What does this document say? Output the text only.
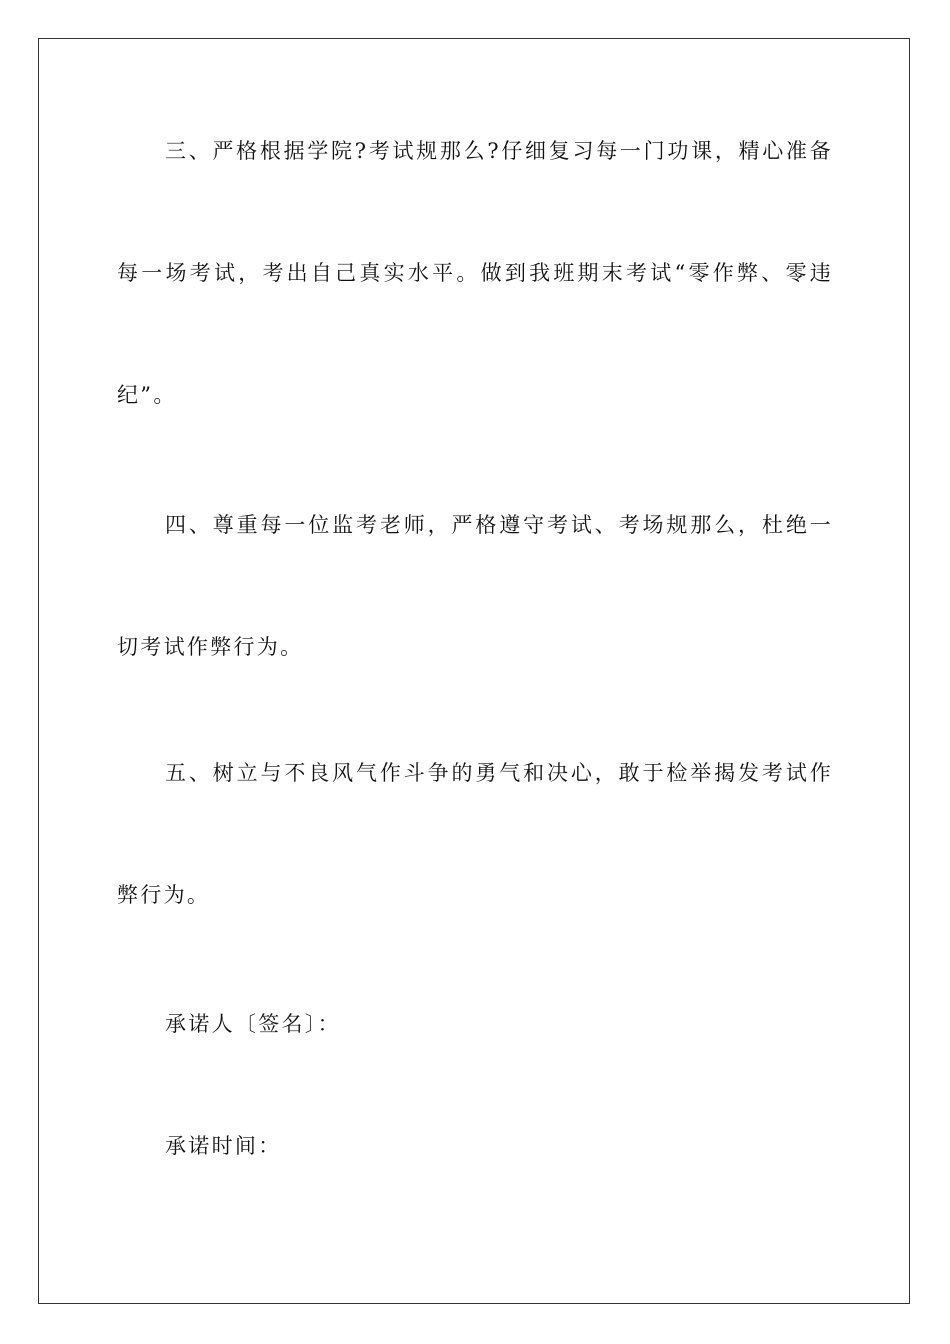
三、严格根据学院?考试规那么?仔细复习每一门功课，精心准备
每一场考试，考出自己真实水平。做到我班期末考试“零作弊、零违
纪”。
四、尊重每一位监考老师，严格遵守考试、考场规那么，杜绝一
切考试作弊行为。
五、树立与不良风气作斗争的勇气和决心，敢于检举揭发考试作
弊行为。
承诺人〔签名〕：
承诺时间：
